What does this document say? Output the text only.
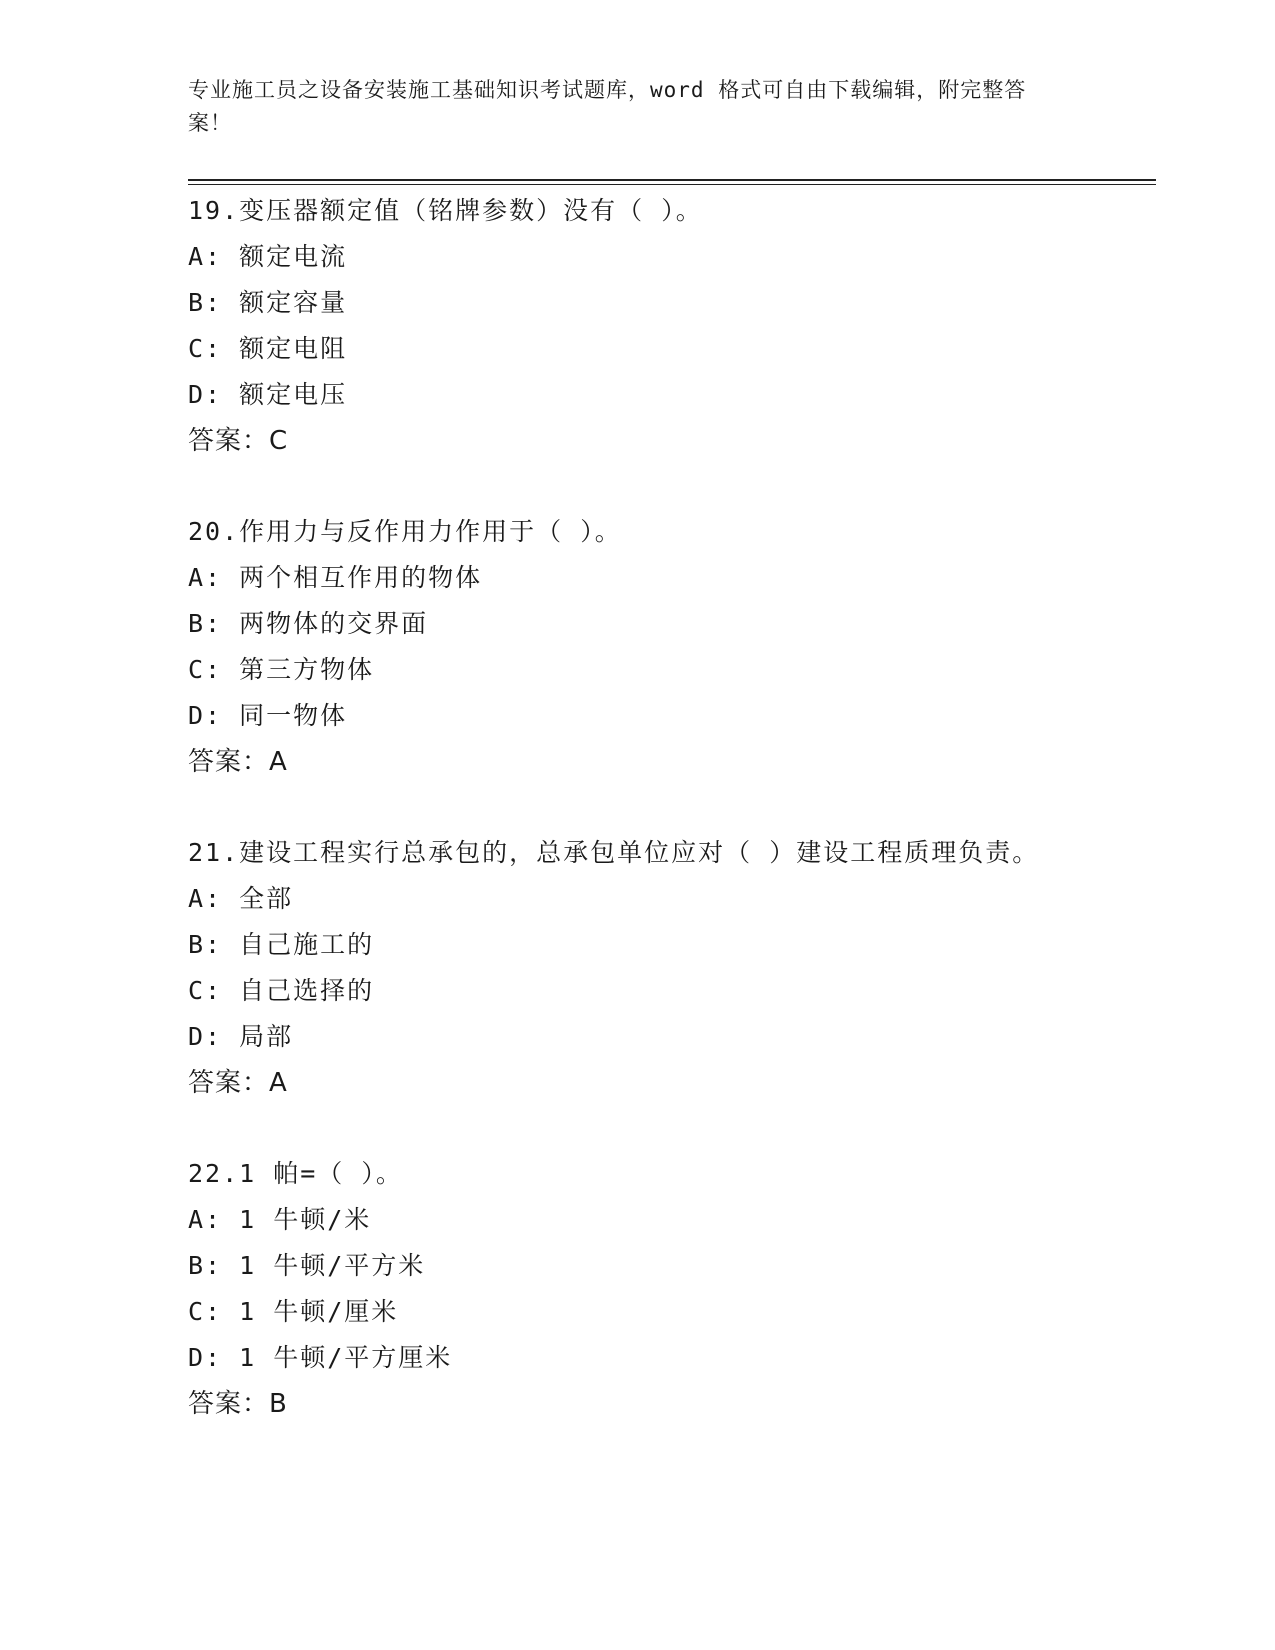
专业施工员之设备安装施工基础知识考试题库，word 格式可自由下载编辑，附完整答案！
19.变压器额定值（铭牌参数）没有（ ）。
A: 额定电流
B: 额定容量
C: 额定电阻
D: 额定电压
答案：C
20.作用力与反作用力作用于（ ）。
A: 两个相互作用的物体
B: 两物体的交界面
C: 第三方物体
D: 同一物体
答案：A
21.建设工程实行总承包的，总承包单位应对（ ）建设工程质理负责。
A: 全部
B: 自己施工的
C: 自己选择的
D: 局部
答案：A
22.1 帕=（ ）。
A: 1 牛顿/米
B: 1 牛顿/平方米
C: 1 牛顿/厘米
D: 1 牛顿/平方厘米
答案：B
